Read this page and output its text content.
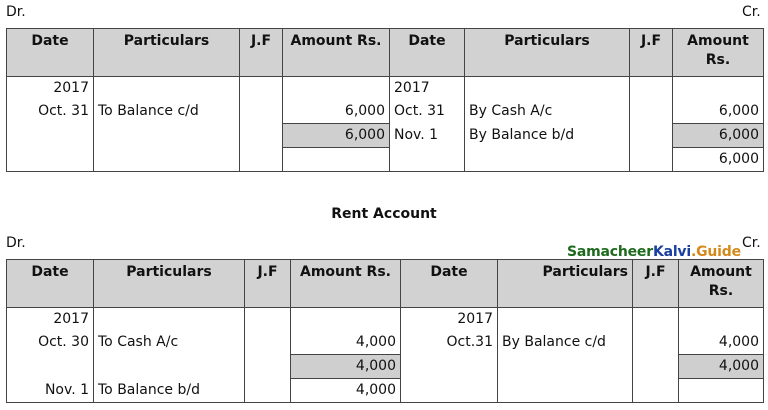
Dr.	Cr.
Date	Particulars	J.F	Amount Rs.	Date	Particulars	J.F	Amount Rs.
2017				2017			
Oct. 31	To Balance c/d		6,000	Oct. 31	By Cash A/c		6,000
			6,000	Nov. 1	By Balance b/d		6,000
							6,000
Rent Account
Dr.	Cr.
SamacheerKalvi.Guide
Date	Particulars	J.F	Amount Rs.	Date	Particulars	J.F	Amount Rs.
2017				2017			
Oct. 30	To Cash A/c		4,000	Oct.31	By Balance c/d		4,000
			4,000				4,000
Nov. 1	To Balance b/d		4,000				
